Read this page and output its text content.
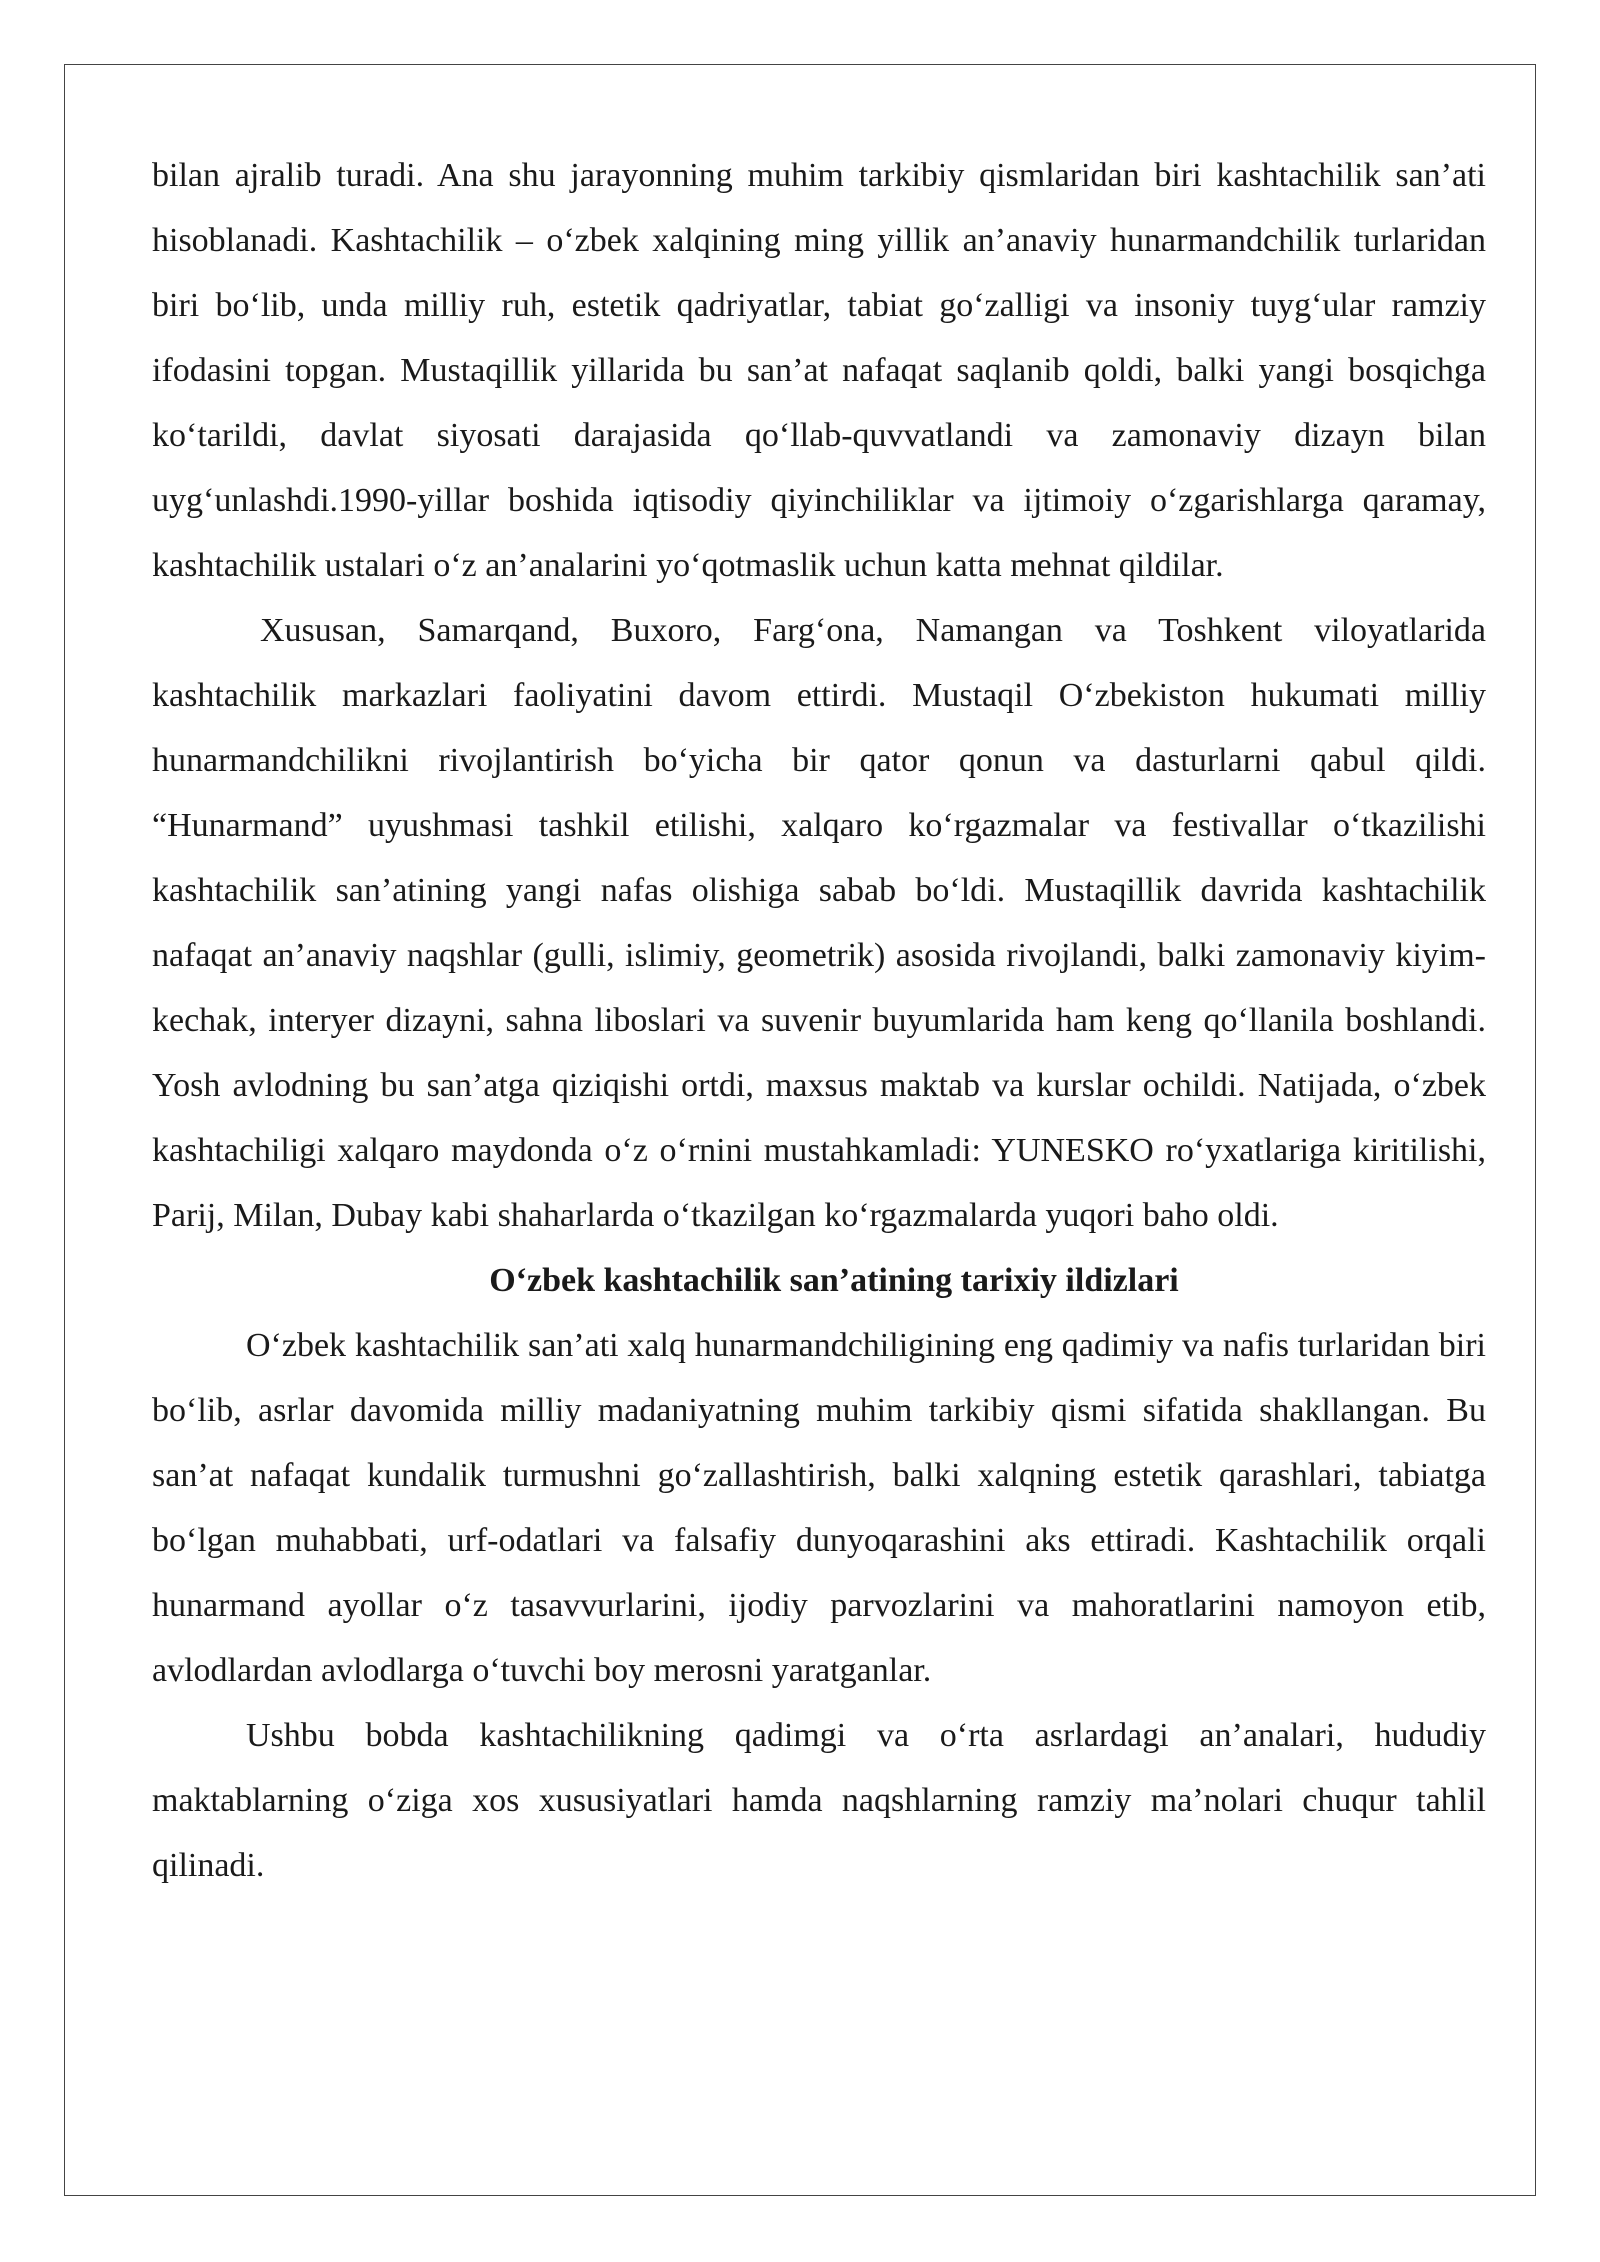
bilan ajralib turadi. Ana shu jarayonning muhim tarkibiy qismlaridan biri kashtachilik san’ati hisoblanadi. Kashtachilik – o‘zbek xalqining ming yillik an’anaviy hunarmandchilik turlaridan biri bo‘lib, unda milliy ruh, estetik qadriyatlar, tabiat go‘zalligi va insoniy tuyg‘ular ramziy ifodasini topgan. Mustaqillik yillarida bu san’at nafaqat saqlanib qoldi, balki yangi bosqichga ko‘tarildi, davlat siyosati darajasida qo‘llab-quvvatlandi va zamonaviy dizayn bilan uyg‘unlashdi.1990-yillar boshida iqtisodiy qiyinchiliklar va ijtimoiy o‘zgarishlarga qaramay, kashtachilik ustalari o‘z an’analarini yo‘qotmaslik uchun katta mehnat qildilar.

Xususan, Samarqand, Buxoro, Farg‘ona, Namangan va Toshkent viloyatlarida kashtachilik markazlari faoliyatini davom ettirdi. Mustaqil O‘zbekiston hukumati milliy hunarmandchilikni rivojlantirish bo‘yicha bir qator qonun va dasturlarni qabul qildi. “Hunarmand” uyushmasi tashkil etilishi, xalqaro ko‘rgazmalar va festivallar o‘tkazilishi kashtachilik san’atining yangi nafas olishiga sabab bo‘ldi. Mustaqillik davrida kashtachilik nafaqat an’anaviy naqshlar (gulli, islimiy, geometrik) asosida rivojlandi, balki zamonaviy kiyim-kechak, interyer dizayni, sahna liboslari va suvenir buyumlarida ham keng qo‘llanila boshlandi. Yosh avlodning bu san’atga qiziqishi ortdi, maxsus maktab va kurslar ochildi. Natijada, o‘zbek kashtachiligi xalqaro maydonda o‘z o‘rnini mustahkamladi: YUNESKO ro‘yxatlariga kiritilishi, Parij, Milan, Dubay kabi shaharlarda o‘tkazilgan ko‘rgazmalarda yuqori baho oldi.

O‘zbek kashtachilik san’atining tarixiy ildizlari

O‘zbek kashtachilik san’ati xalq hunarmandchiligining eng qadimiy va nafis turlaridan biri bo‘lib, asrlar davomida milliy madaniyatning muhim tarkibiy qismi sifatida shakllangan. Bu san’at nafaqat kundalik turmushni go‘zallashtirish, balki xalqning estetik qarashlari, tabiatga bo‘lgan muhabbati, urf-odatlari va falsafiy dunyoqarashini aks ettiradi. Kashtachilik orqali hunarmand ayollar o‘z tasavvurlarini, ijodiy parvozlarini va mahoratlarini namoyon etib, avlodlardan avlodlarga o‘tuvchi boy merosni yaratganlar.

Ushbu bobda kashtachilikning qadimgi va o‘rta asrlardagi an’analari, hududiy maktablarning o‘ziga xos xususiyatlari hamda naqshlarning ramziy ma’nolari chuqur tahlil qilinadi.
